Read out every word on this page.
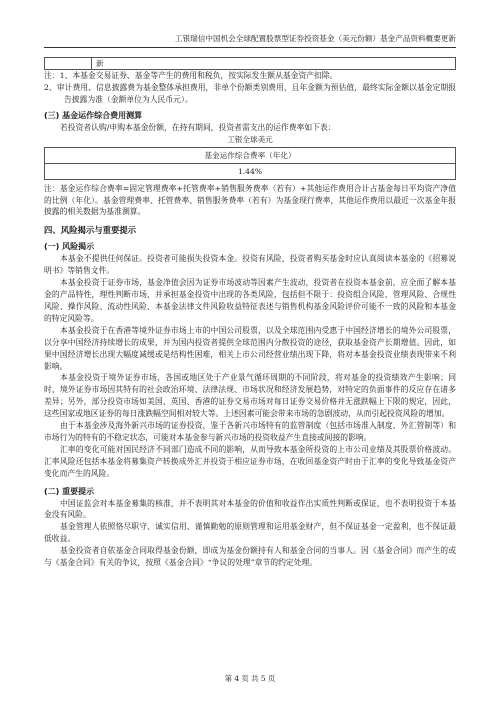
工银瑞信中国机会全球配置股票型证券投资基金（美元份额）基金产品资料概要更新
	新

注：1、本基金交易证券、基金等产生的费用和税负，按实际发生额从基金资产扣除。

2、审计费用、信息披露费为基金整体承担费用，非单个份额类别费用，且年金额为预估值，最终实际金额以基金定期报告披露为准（金额单位为人民币元）。

(三) 基金运作综合费用测算

若投资者认购/申购本基金份额，在持有期间，投资者需支出的运作费率如下表：

工银全球美元

基金运作综合费率（年化）
1.44%

注：基金运作综合费率=固定管理费率+托管费率+销售服务费率（若有）+其他运作费用合计占基金每日平均资产净值的比例（年化）。基金管理费率、托管费率、销售服务费率（若有）为基金现行费率，其他运作费用以最近一次基金年报披露的相关数据为基准测算。

四、风险揭示与重要提示

(一) 风险揭示

本基金不提供任何保证。投资者可能损失投资本金。投资有风险，投资者购买基金时应认真阅读本基金的《招募说明书》等销售文件。

本基金投资于证券市场，基金净值会因为证券市场波动等因素产生波动，投资者在投资本基金前，应全面了解本基金的产品特性，理性判断市场，并承担基金投资中出现的各类风险，包括但不限于：投资组合风险、管理风险、合规性风险、操作风险、流动性风险、本基金法律文件风险收益特征表述与销售机构基金风险评价可能不一致的风险和本基金的特定风险等。

本基金投资于在香港等境外证券市场上市的中国公司股票，以及全球范围内受惠于中国经济增长的境外公司股票，以分享中国经济持续增长的成果，并为国内投资者提供全球范围内分散投资的途径，获取基金资产长期增值。因此，如果中国经济增长出现大幅度减缓或是结构性困难，相关上市公司经营业绩出现下降，将对本基金投资业绩表现带来不利影响。

本基金投资于境外证券市场，各国或地区处于产业景气循环周期的不同阶段，将对基金的投资绩效产生影响；同时，境外证券市场因其特有的社会政治环境、法律法规、市场状况和经济发展趋势，对特定的负面事件的反应存在诸多差异；另外，部分投资市场如美国、英国、香港的证券交易市场对每日证券交易价格并无涨跌幅上下限的规定，因此，这些国家或地区证券的每日涨跌幅空间相对较大等。上述因素可能会带来市场的急剧波动，从而引起投资风险的增加。

由于本基金涉及海外新兴市场的证券投资，鉴于各新兴市场特有的监管制度（包括市场准入制度、外汇管制等）和市场行为的特有的不稳定状态，可能对本基金参与新兴市场的投资收益产生直接或间接的影响。

汇率的变化可能对国民经济不同部门造成不同的影响，从而导致本基金所投资的上市公司业绩及其股票价格波动。汇率风险还包括本基金将募集资产转换成外汇并投资于相应证券市场，在收回基金资产时由于汇率的变化导致基金资产变化而产生的风险。

(二) 重要提示

中国证监会对本基金募集的核准，并不表明其对本基金的价值和收益作出实质性判断或保证，也不表明投资于本基金没有风险。

基金管理人依照恪尽职守、诚实信用、谨慎勤勉的原则管理和运用基金财产，但不保证基金一定盈利，也不保证最低收益。

基金投资者自依基金合同取得基金份额，即成为基金份额持有人和基金合同的当事人。因《基金合同》而产生的或与《基金合同》有关的争议，按照《基金合同》“争议的处理”章节的约定处理。

第 4 页 共 5 页
